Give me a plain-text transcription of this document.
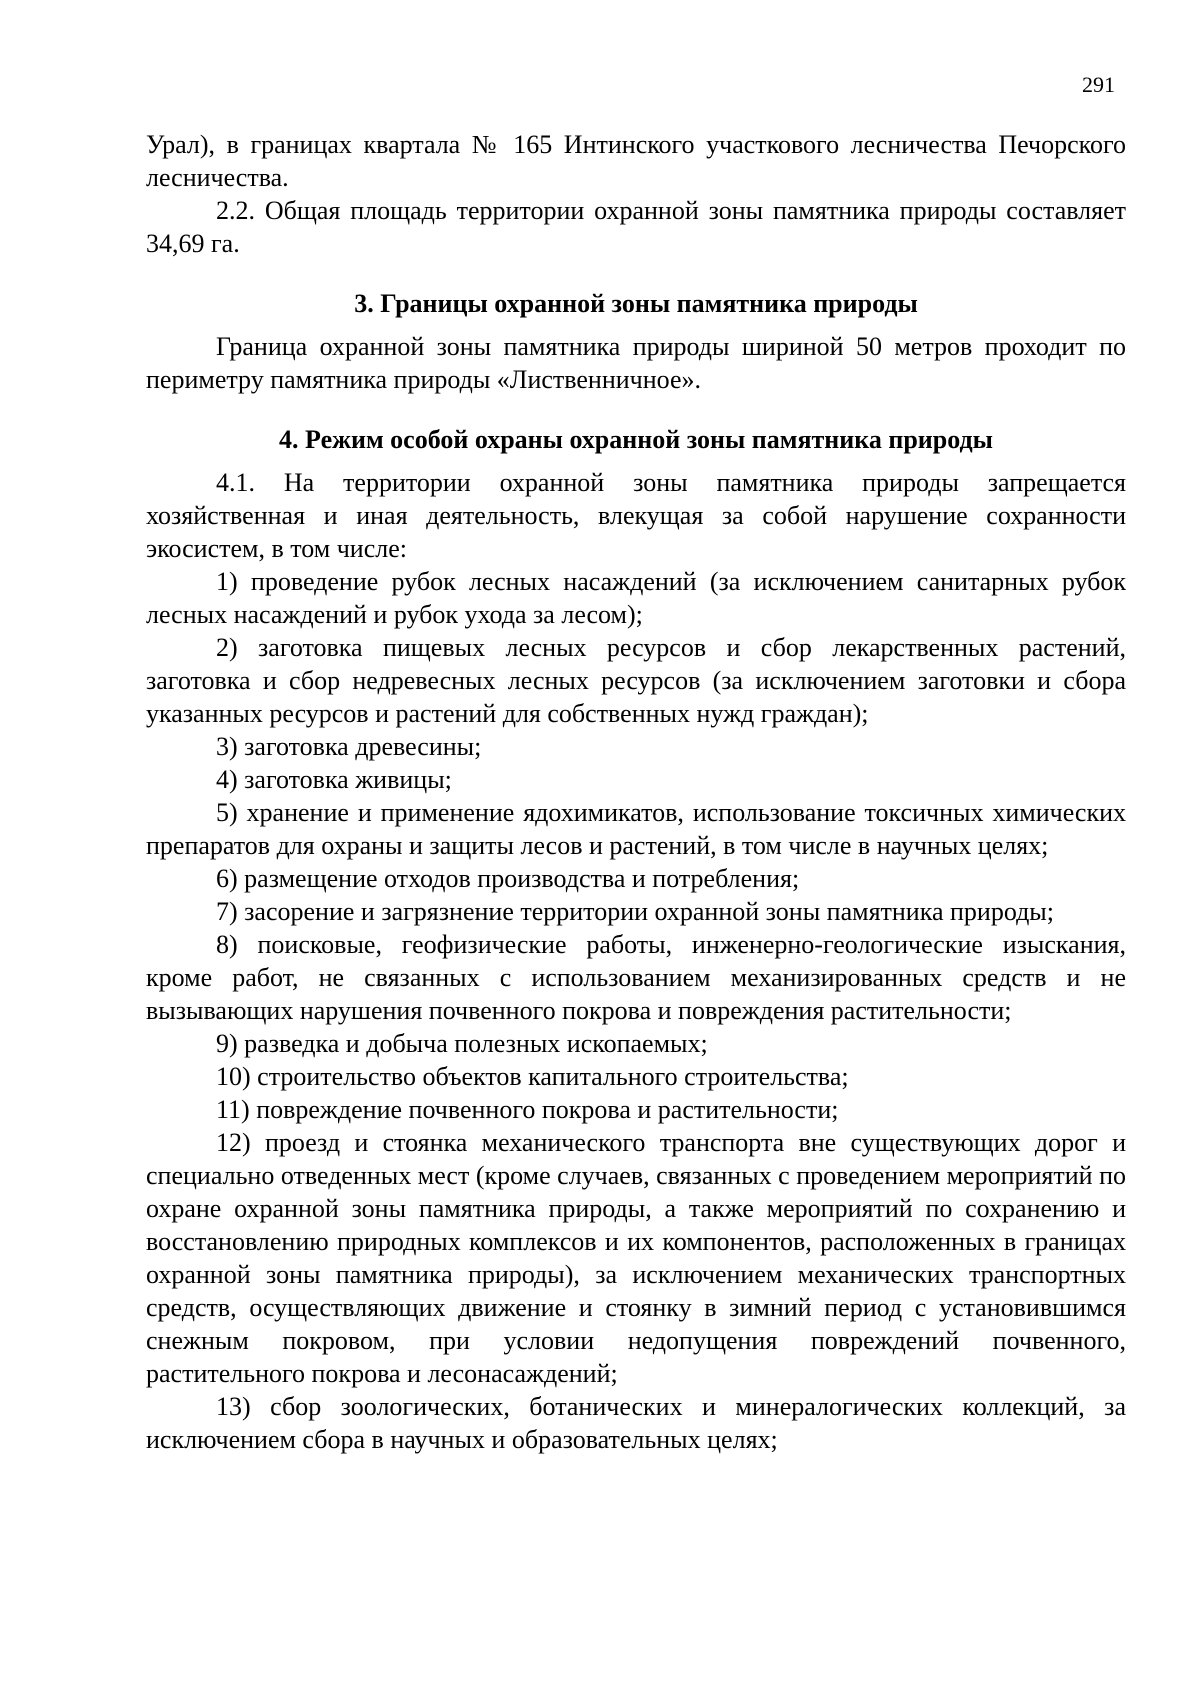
291

Урал), в границах квартала № 165 Интинского участкового лесничества Печорского лесничества.

2.2. Общая площадь территории охранной зоны памятника природы составляет 34,69 га.

3. Границы охранной зоны памятника природы

Граница охранной зоны памятника природы шириной 50 метров проходит по периметру памятника природы «Лиственничное».

4. Режим особой охраны охранной зоны памятника природы

4.1. На территории охранной зоны памятника природы запрещается хозяйственная и иная деятельность, влекущая за собой нарушение сохранности экосистем, в том числе:

1) проведение рубок лесных насаждений (за исключением санитарных рубок лесных насаждений и рубок ухода за лесом);

2) заготовка пищевых лесных ресурсов и сбор лекарственных растений, заготовка и сбор недревесных лесных ресурсов (за исключением заготовки и сбора указанных ресурсов и растений для собственных нужд граждан);

3) заготовка древесины;

4) заготовка живицы;

5) хранение и применение ядохимикатов, использование токсичных химических препаратов для охраны и защиты лесов и растений, в том числе в научных целях;

6) размещение отходов производства и потребления;

7) засорение и загрязнение территории охранной зоны памятника природы;

8) поисковые, геофизические работы, инженерно-геологические изыскания, кроме работ, не связанных с использованием механизированных средств и не вызывающих нарушения почвенного покрова и повреждения растительности;

9) разведка и добыча полезных ископаемых;

10) строительство объектов капитального строительства;

11) повреждение почвенного покрова и растительности;

12) проезд и стоянка механического транспорта вне существующих дорог и специально отведенных мест (кроме случаев, связанных с проведением мероприятий по охране охранной зоны памятника природы, а также мероприятий по сохранению и восстановлению природных комплексов и их компонентов, расположенных в границах охранной зоны памятника природы), за исключением механических транспортных средств, осуществляющих движение и стоянку в зимний период с установившимся снежным покровом, при условии недопущения повреждений почвенного, растительного покрова и лесонасаждений;

13) сбор зоологических, ботанических и минералогических коллекций, за исключением сбора в научных и образовательных целях;
